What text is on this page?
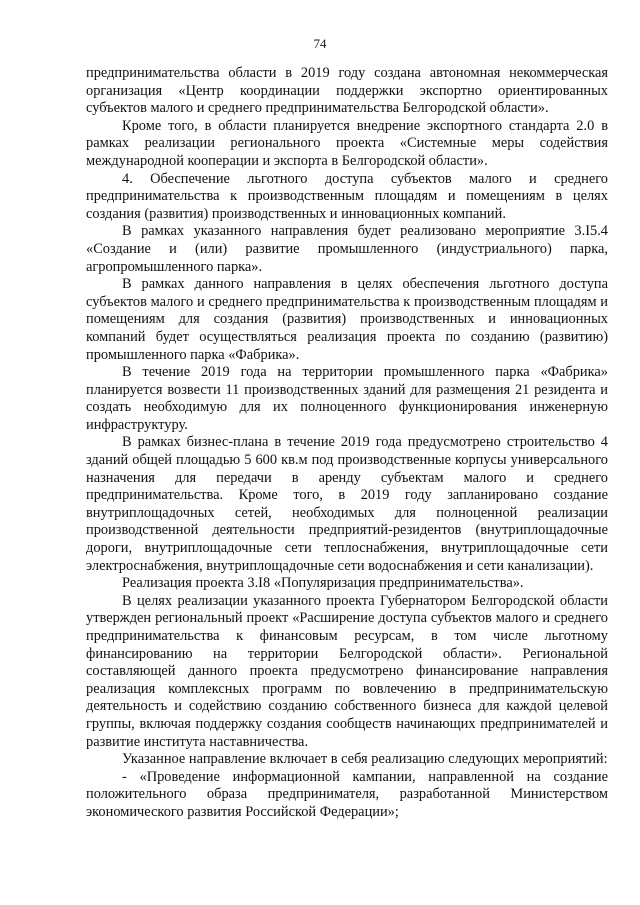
74

предпринимательства области в 2019 году создана автономная некоммерческая организация «Центр координации поддержки экспортно ориентированных субъектов малого и среднего предпринимательства Белгородской области».

Кроме того, в области планируется внедрение экспортного стандарта 2.0 в рамках реализации регионального проекта «Системные меры содействия международной кооперации и экспорта в Белгородской области».

4. Обеспечение льготного доступа субъектов малого и среднего предпринимательства к производственным площадям и помещениям в целях создания (развития) производственных и инновационных компаний.

В рамках указанного направления будет реализовано мероприятие 3.I5.4 «Создание и (или) развитие промышленного (индустриального) парка, агропромышленного парка».

В рамках данного направления в целях обеспечения льготного доступа субъектов малого и среднего предпринимательства к производственным площадям и помещениям для создания (развития) производственных и инновационных компаний будет осуществляться реализация проекта по созданию (развитию) промышленного парка «Фабрика».

В течение 2019 года на территории промышленного парка «Фабрика» планируется возвести 11 производственных зданий для размещения 21 резидента и создать необходимую для их полноценного функционирования инженерную инфраструктуру.

В рамках бизнес-плана в течение 2019 года предусмотрено строительство 4 зданий общей площадью 5 600 кв.м под производственные корпусы универсального назначения для передачи в аренду субъектам малого и среднего предпринимательства. Кроме того, в 2019 году запланировано создание внутриплощадочных сетей, необходимых для полноценной реализации производственной деятельности предприятий-резидентов (внутриплощадочные дороги, внутриплощадочные сети теплоснабжения, внутриплощадочные сети электроснабжения, внутриплощадочные сети водоснабжения и сети канализации).

Реализация проекта 3.I8 «Популяризация предпринимательства».

В целях реализации указанного проекта Губернатором Белгородской области утвержден региональный проект «Расширение доступа субъектов малого и среднего предпринимательства к финансовым ресурсам, в том числе льготному финансированию на территории Белгородской области». Региональной составляющей данного проекта предусмотрено финансирование направления реализация комплексных программ по вовлечению в предпринимательскую деятельность и содействию созданию собственного бизнеса для каждой целевой группы, включая поддержку создания сообществ начинающих предпринимателей и развитие института наставничества.

Указанное направление включает в себя реализацию следующих мероприятий:

- «Проведение информационной кампании, направленной на создание положительного образа предпринимателя, разработанной Министерством экономического развития Российской Федерации»;
